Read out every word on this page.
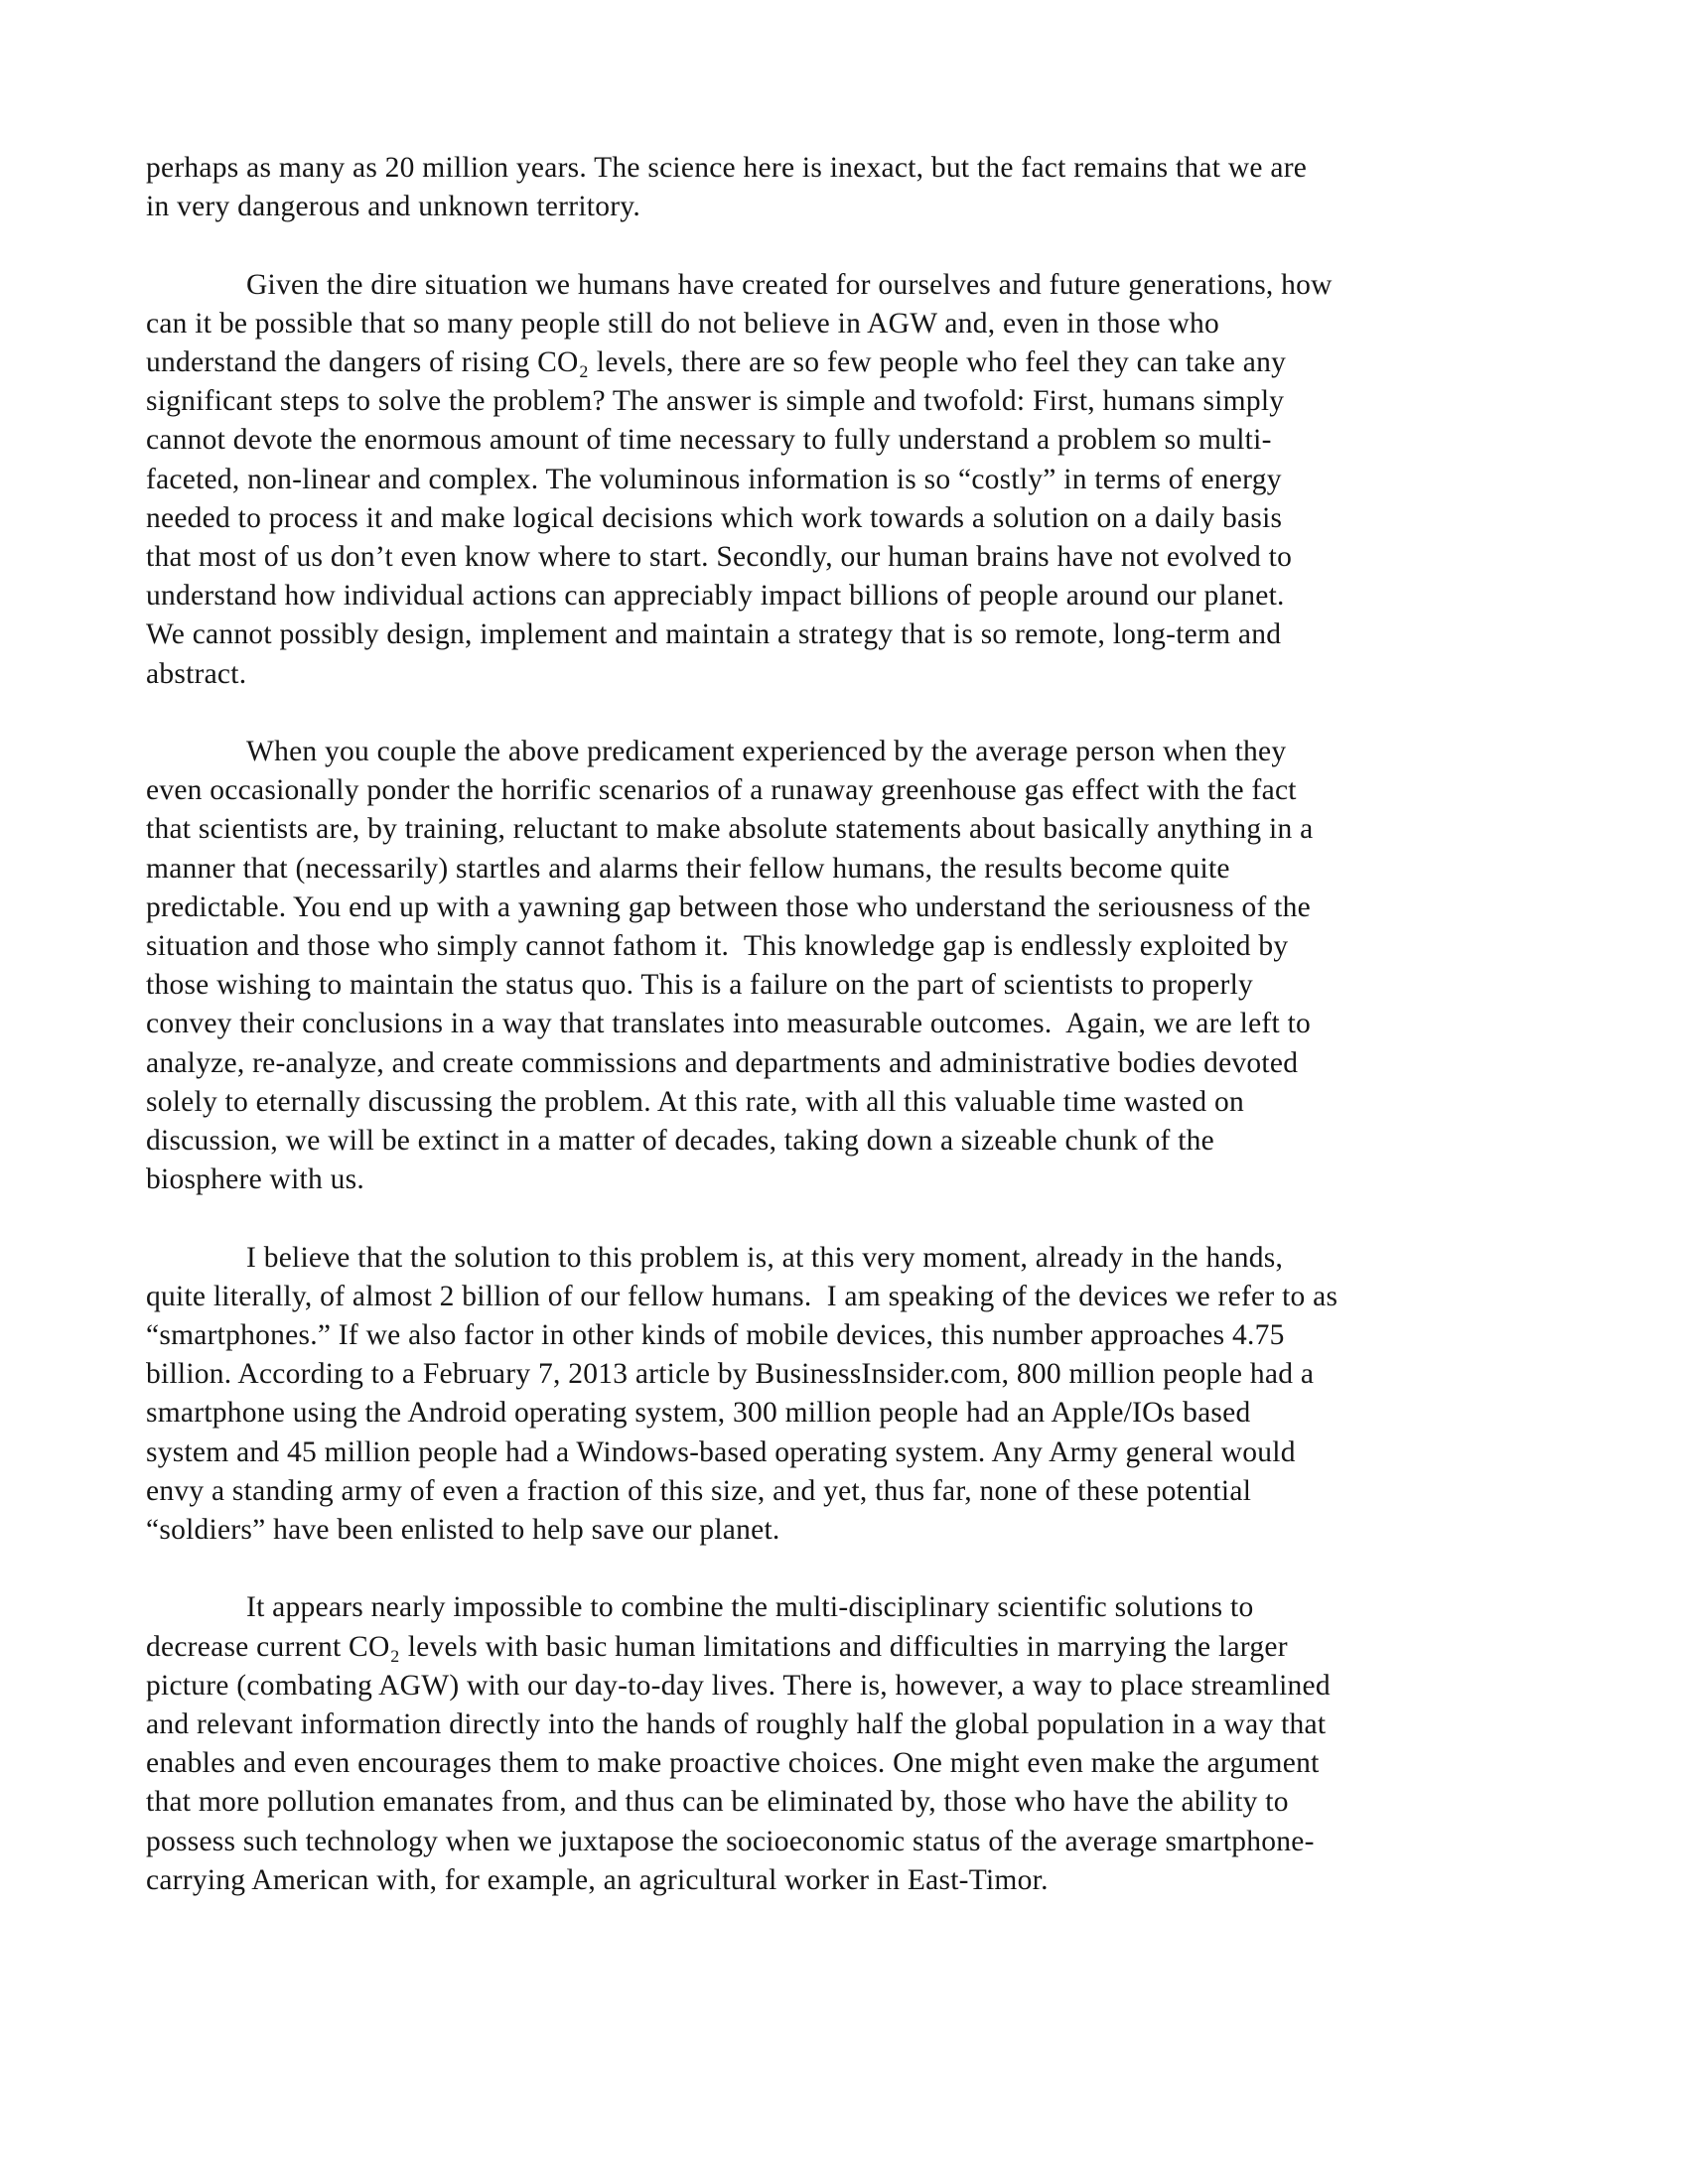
perhaps as many as 20 million years. The science here is inexact, but the fact remains that we are
in very dangerous and unknown territory.
Given the dire situation we humans have created for ourselves and future generations, how
can it be possible that so many people still do not believe in AGW and, even in those who
understand the dangers of rising CO₂ levels, there are so few people who feel they can take any
significant steps to solve the problem? The answer is simple and twofold: First, humans simply
cannot devote the enormous amount of time necessary to fully understand a problem so multi-
faceted, non-linear and complex. The voluminous information is so “costly” in terms of energy
needed to process it and make logical decisions which work towards a solution on a daily basis
that most of us don’t even know where to start. Secondly, our human brains have not evolved to
understand how individual actions can appreciably impact billions of people around our planet.
We cannot possibly design, implement and maintain a strategy that is so remote, long-term and
abstract.
When you couple the above predicament experienced by the average person when they
even occasionally ponder the horrific scenarios of a runaway greenhouse gas effect with the fact
that scientists are, by training, reluctant to make absolute statements about basically anything in a
manner that (necessarily) startles and alarms their fellow humans, the results become quite
predictable. You end up with a yawning gap between those who understand the seriousness of the
situation and those who simply cannot fathom it.  This knowledge gap is endlessly exploited by
those wishing to maintain the status quo. This is a failure on the part of scientists to properly
convey their conclusions in a way that translates into measurable outcomes.  Again, we are left to
analyze, re-analyze, and create commissions and departments and administrative bodies devoted
solely to eternally discussing the problem. At this rate, with all this valuable time wasted on
discussion, we will be extinct in a matter of decades, taking down a sizeable chunk of the
biosphere with us.
I believe that the solution to this problem is, at this very moment, already in the hands,
quite literally, of almost 2 billion of our fellow humans.  I am speaking of the devices we refer to as
“smartphones.” If we also factor in other kinds of mobile devices, this number approaches 4.75
billion. According to a February 7, 2013 article by BusinessInsider.com, 800 million people had a
smartphone using the Android operating system, 300 million people had an Apple/IOs based
system and 45 million people had a Windows-based operating system. Any Army general would
envy a standing army of even a fraction of this size, and yet, thus far, none of these potential
“soldiers” have been enlisted to help save our planet.
It appears nearly impossible to combine the multi-disciplinary scientific solutions to
decrease current CO₂ levels with basic human limitations and difficulties in marrying the larger
picture (combating AGW) with our day-to-day lives. There is, however, a way to place streamlined
and relevant information directly into the hands of roughly half the global population in a way that
enables and even encourages them to make proactive choices. One might even make the argument
that more pollution emanates from, and thus can be eliminated by, those who have the ability to
possess such technology when we juxtapose the socioeconomic status of the average smartphone-
carrying American with, for example, an agricultural worker in East-Timor.
